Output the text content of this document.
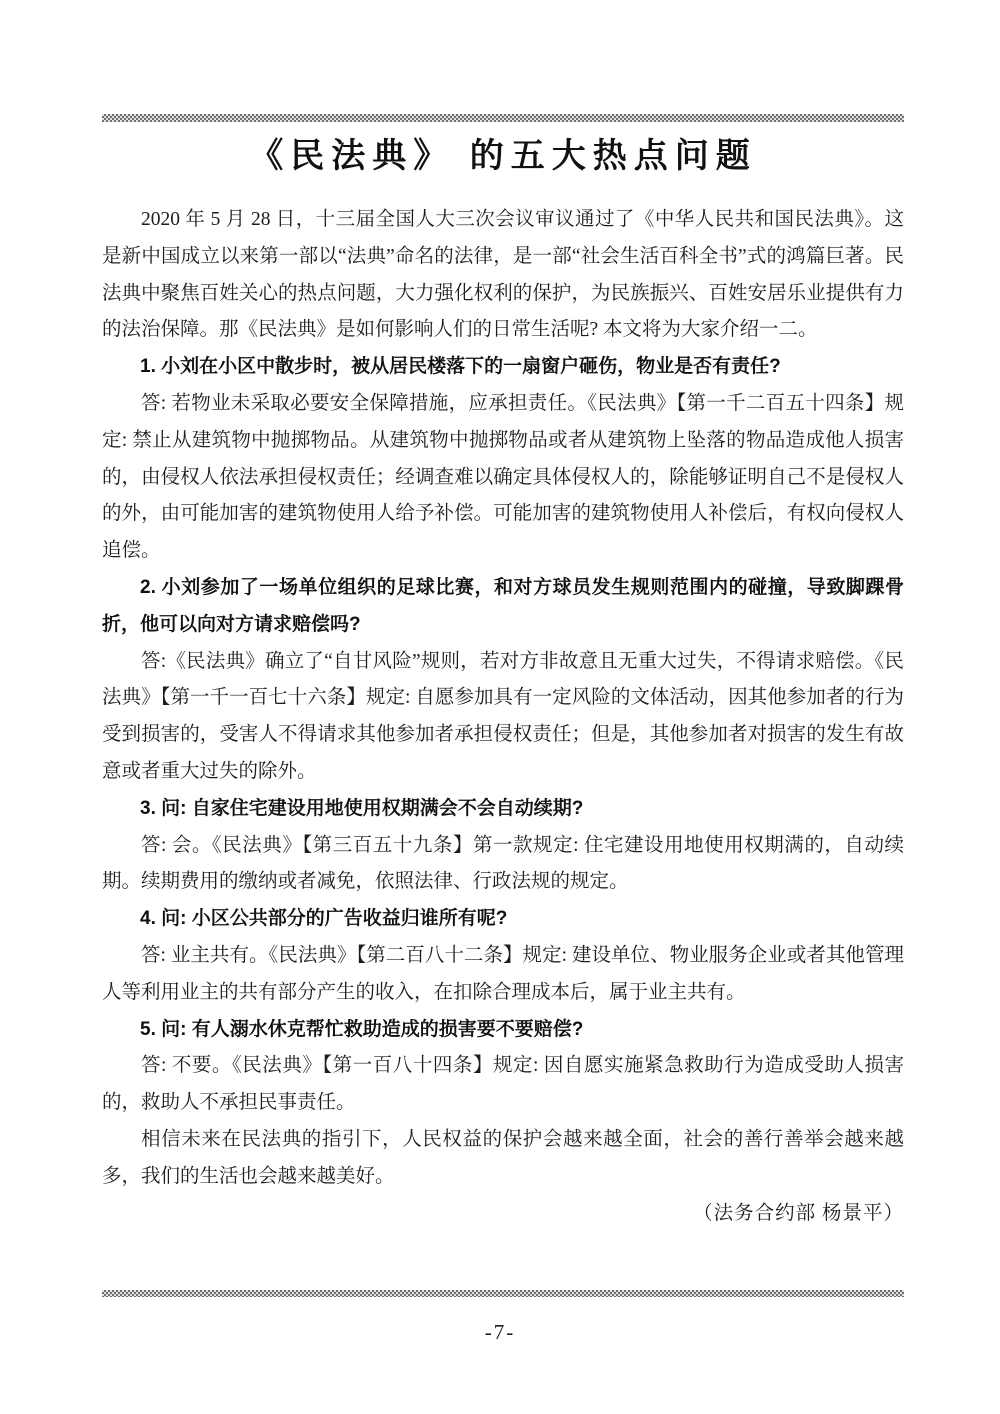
《民法典》 的五大热点问题

2020 年 5 月 28 日，十三届全国人大三次会议审议通过了《中华人民共和国民法典》。这是新中国成立以来第一部以“法典”命名的法律，是一部“社会生活百科全书”式的鸿篇巨著。民法典中聚焦百姓关心的热点问题，大力强化权利的保护，为民族振兴、百姓安居乐业提供有力的法治保障。那《民法典》是如何影响人们的日常生活呢? 本文将为大家介绍一二。

1. 小刘在小区中散步时，被从居民楼落下的一扇窗户砸伤，物业是否有责任?

答: 若物业未采取必要安全保障措施，应承担责任。《民法典》【第一千二百五十四条】规定: 禁止从建筑物中抛掷物品。从建筑物中抛掷物品或者从建筑物上坠落的物品造成他人损害的，由侵权人依法承担侵权责任；经调查难以确定具体侵权人的，除能够证明自己不是侵权人的外，由可能加害的建筑物使用人给予补偿。可能加害的建筑物使用人补偿后，有权向侵权人追偿。

2. 小刘参加了一场单位组织的足球比赛，和对方球员发生规则范围内的碰撞，导致脚踝骨折，他可以向对方请求赔偿吗?

答:《民法典》确立了“自甘风险”规则，若对方非故意且无重大过失，不得请求赔偿。《民法典》【第一千一百七十六条】规定: 自愿参加具有一定风险的文体活动，因其他参加者的行为受到损害的，受害人不得请求其他参加者承担侵权责任；但是，其他参加者对损害的发生有故意或者重大过失的除外。

3. 问: 自家住宅建设用地使用权期满会不会自动续期?

答: 会。《民法典》【第三百五十九条】第一款规定: 住宅建设用地使用权期满的，自动续期。续期费用的缴纳或者减免，依照法律、行政法规的规定。

4. 问: 小区公共部分的广告收益归谁所有呢?

答: 业主共有。《民法典》【第二百八十二条】规定: 建设单位、物业服务企业或者其他管理人等利用业主的共有部分产生的收入，在扣除合理成本后，属于业主共有。

5. 问: 有人溺水休克帮忙救助造成的损害要不要赔偿?

答: 不要。《民法典》【第一百八十四条】规定: 因自愿实施紧急救助行为造成受助人损害的，救助人不承担民事责任。

相信未来在民法典的指引下，人民权益的保护会越来越全面，社会的善行善举会越来越多，我们的生活也会越来越美好。

（法务合约部 杨景平）

-7-
